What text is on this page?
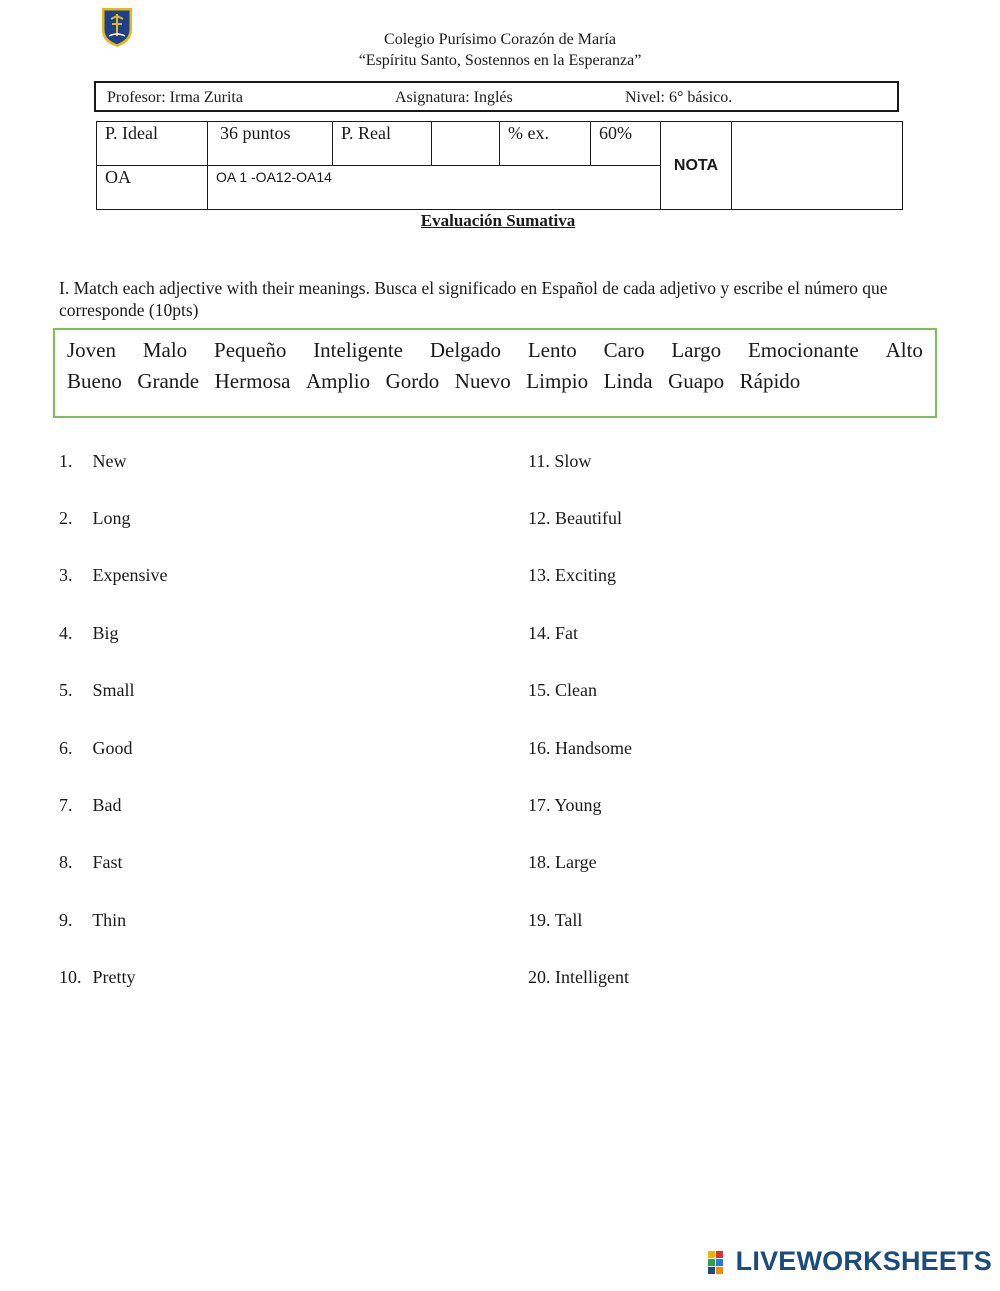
Colegio Purísimo Corazón de María
“Espíritu Santo, Sostennos en la Esperanza”
Profesor: Irma Zurita	Asignatura: Inglés	Nivel: 6° básico.
P. Ideal	36 puntos	P. Real		% ex.	60%	NOTA	
OA	OA 1 -OA12-OA14						
Evaluación Sumativa
I. Match each adjective with their meanings. Busca el significado en Español de cada adjetivo y escribe el número que corresponde (10pts)
Joven Malo Pequeño Inteligente Delgado Lento Caro Largo Emocionante Alto
Bueno Grande Hermosa Amplio Gordo Nuevo Limpio Linda Guapo Rápido
1. New
2. Long
3. Expensive
4. Big
5. Small
6. Good
7. Bad
8. Fast
9. Thin
10. Pretty
11. Slow
12. Beautiful
13. Exciting
14. Fat
15. Clean
16. Handsome
17. Young
18. Large
19. Tall
20. Intelligent
LIVEWORKSHEETS
